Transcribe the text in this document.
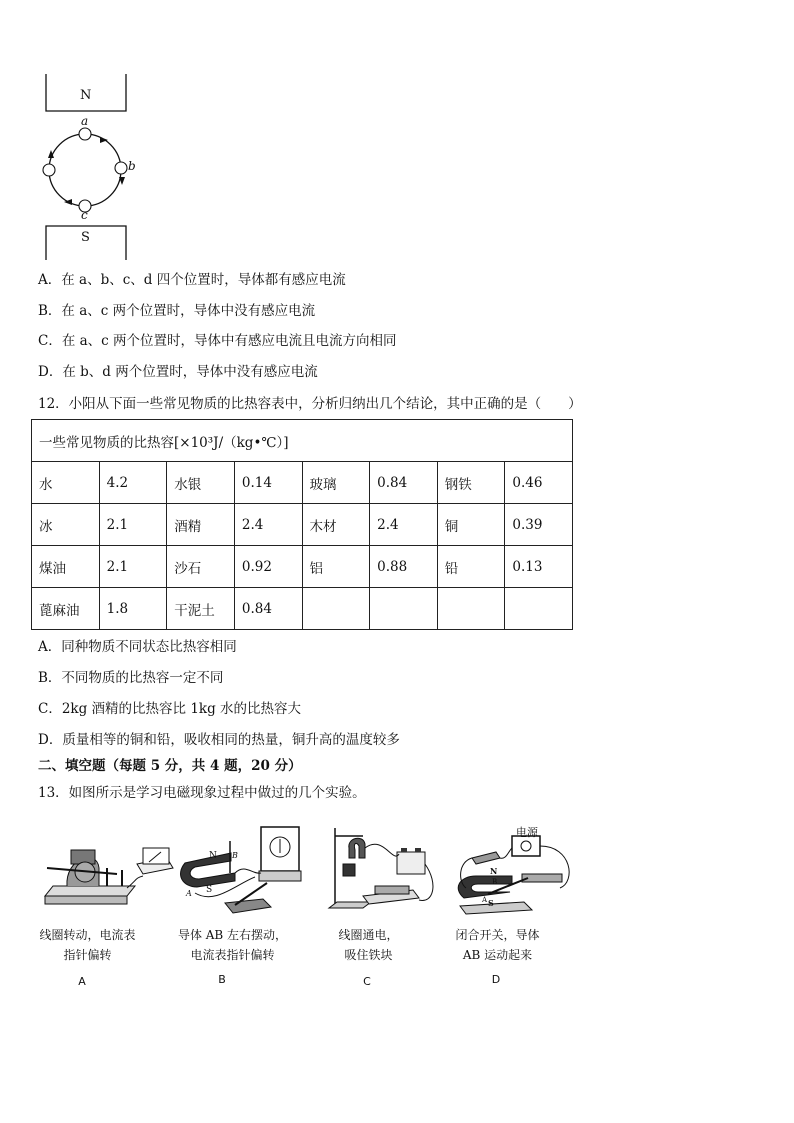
N
S
a
b
c
A．在 a、b、c、d 四个位置时，导体都有感应电流
B．在 a、c 两个位置时，导体中没有感应电流
C．在 a、c 两个位置时，导体中有感应电流且电流方向相同
D．在 b、d 两个位置时，导体中没有感应电流
12．小阳从下面一些常见物质的比热容表中，分析归纳出几个结论，其中正确的是（　　）
一些常见物质的比热容[×10³J/（kg•℃）]							
水	4.2	水银	0.14	玻璃	0.84	钢铁	0.46
冰	2.1	酒精	2.4	木材	2.4	铜	0.39
煤油	2.1	沙石	0.92	铝	0.88	铅	0.13
蓖麻油	1.8	干泥土	0.84				
A．同种物质不同状态比热容相同
B．不同物质的比热容一定不同
C．2kg 酒精的比热容比 1kg 水的比热容大
D．质量相等的铜和铅，吸收相同的热量，铜升高的温度较多
二、填空题（每题 5 分，共 4 题，20 分）
13．如图所示是学习电磁现象过程中做过的几个实验。
N
S
A
B
电源
N
S
B
A
线圈转动，电流表
指针偏转
导体 AB 左右摆动，
电流表指针偏转
线圈通电，
吸住铁块
闭合开关，导体
AB 运动起来
A	B	C	D
